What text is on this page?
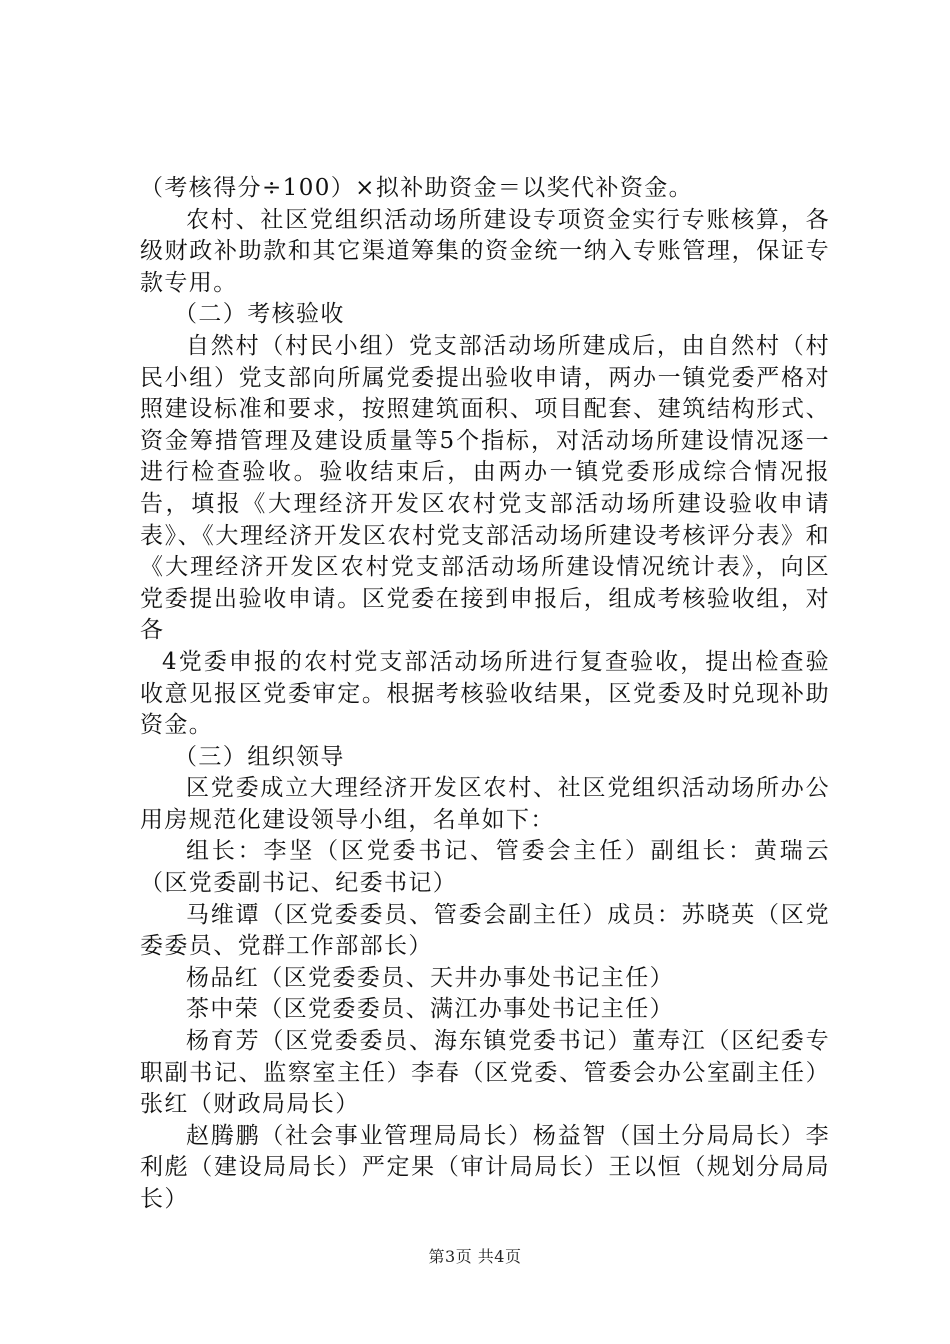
（考核得分÷100）×拟补助资金＝以奖代补资金。

农村、社区党组织活动场所建设专项资金实行专账核算，各级财政补助款和其它渠道筹集的资金统一纳入专账管理，保证专款专用。

（二）考核验收

自然村（村民小组）党支部活动场所建成后，由自然村（村民小组）党支部向所属党委提出验收申请，两办一镇党委严格对照建设标准和要求，按照建筑面积、项目配套、建筑结构形式、资金筹措管理及建设质量等5个指标，对活动场所建设情况逐一进行检查验收。验收结束后，由两办一镇党委形成综合情况报告，填报《大理经济开发区农村党支部活动场所建设验收申请表》、《大理经济开发区农村党支部活动场所建设考核评分表》和《大理经济开发区农村党支部活动场所建设情况统计表》，向区党委提出验收申请。区党委在接到申报后，组成考核验收组，对各

4党委申报的农村党支部活动场所进行复查验收，提出检查验收意见报区党委审定。根据考核验收结果，区党委及时兑现补助资金。

（三）组织领导

区党委成立大理经济开发区农村、社区党组织活动场所办公用房规范化建设领导小组，名单如下：

组长：李坚（区党委书记、管委会主任）副组长：黄瑞云（区党委副书记、纪委书记）

马维谭（区党委委员、管委会副主任）成员：苏晓英（区党委委员、党群工作部部长）

杨品红（区党委委员、天井办事处书记主任）

茶中荣（区党委委员、满江办事处书记主任）

杨育芳（区党委委员、海东镇党委书记）董寿江（区纪委专职副书记、监察室主任）李春（区党委、管委会办公室副主任）张红（财政局局长）

赵腾鹏（社会事业管理局局长）杨益智（国土分局局长）李利彪（建设局局长）严定果（审计局局长）王以恒（规划分局局长）

第3页 共4页
